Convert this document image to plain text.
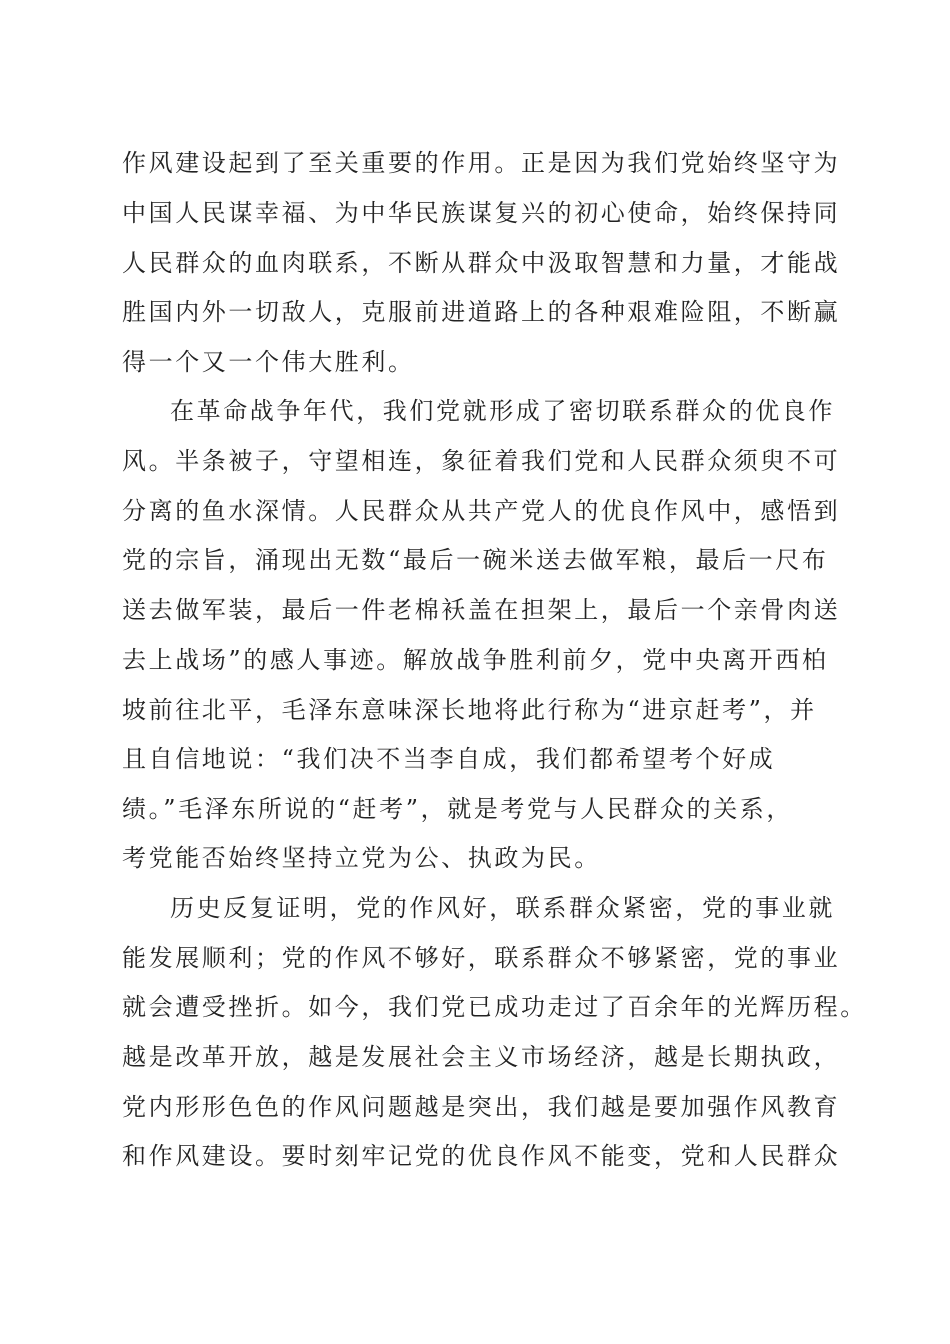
作风建设起到了至关重要的作用。正是因为我们党始终坚守为
中国人民谋幸福、为中华民族谋复兴的初心使命，始终保持同
人民群众的血肉联系，不断从群众中汲取智慧和力量，才能战
胜国内外一切敌人，克服前进道路上的各种艰难险阻，不断赢
得一个又一个伟大胜利。
在革命战争年代，我们党就形成了密切联系群众的优良作
风。半条被子，守望相连，象征着我们党和人民群众须臾不可
分离的鱼水深情。人民群众从共产党人的优良作风中，感悟到
党的宗旨，涌现出无数“最后一碗米送去做军粮，最后一尺布
送去做军装，最后一件老棉袄盖在担架上，最后一个亲骨肉送
去上战场”的感人事迹。解放战争胜利前夕，党中央离开西柏
坡前往北平，毛泽东意味深长地将此行称为“进京赶考”，并
且自信地说：“我们决不当李自成，我们都希望考个好成
绩。”毛泽东所说的“赶考”，就是考党与人民群众的关系，
考党能否始终坚持立党为公、执政为民。
历史反复证明，党的作风好，联系群众紧密，党的事业就
能发展顺利；党的作风不够好，联系群众不够紧密，党的事业
就会遭受挫折。如今，我们党已成功走过了百余年的光辉历程。
越是改革开放，越是发展社会主义市场经济，越是长期执政，
党内形形色色的作风问题越是突出，我们越是要加强作风教育
和作风建设。要时刻牢记党的优良作风不能变，党和人民群众
